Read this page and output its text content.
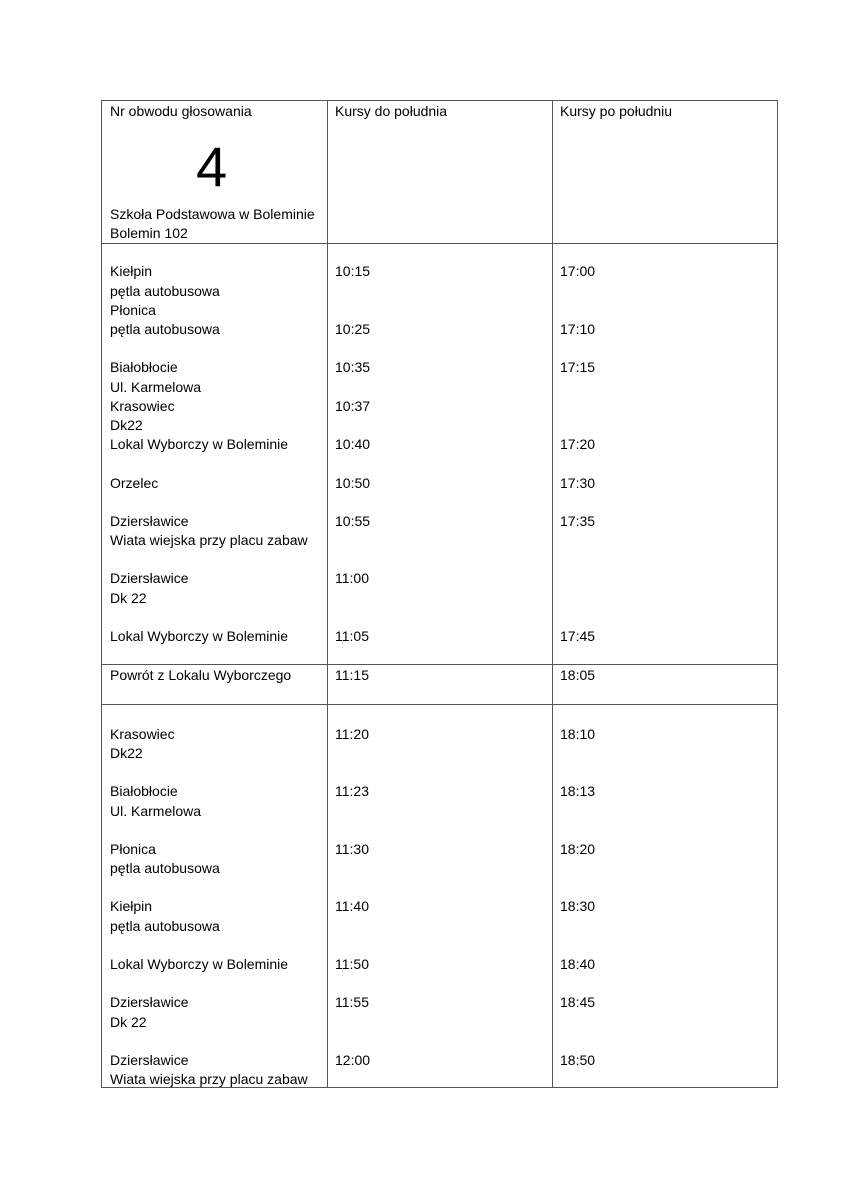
Nr obwodu głosowania	Kursy do południa	Kursy po południu
4
Szkoła Podstawowa w Boleminie
Bolemin 102
Kiełpin
pętla autobusowa
10:15	17:00
Płonica
pętla autobusowa	10:25	17:10
Białobłocie
Ul. Karmelowa
10:35	17:15
Krasowiec
Dk22
10:37
Lokal Wyborczy w Boleminie	10:40	17:20
Orzelec	10:50	17:30
Dziersławice
Wiata wiejska przy placu zabaw
10:55	17:35
Dziersławice
Dk 22
11:00
Lokal Wyborczy w Boleminie	11:05	17:45
Powrót z Lokalu Wyborczego	11:15	18:05
Krasowiec
Dk22
11:20	18:10
Białobłocie
Ul. Karmelowa
11:23	18:13
Płonica
pętla autobusowa
11:30	18:20
Kiełpin
pętla autobusowa
11:40	18:30
Lokal Wyborczy w Boleminie	11:50	18:40
Dziersławice
Dk 22
11:55	18:45
Dziersławice
Wiata wiejska przy placu zabaw
12:00	18:50
